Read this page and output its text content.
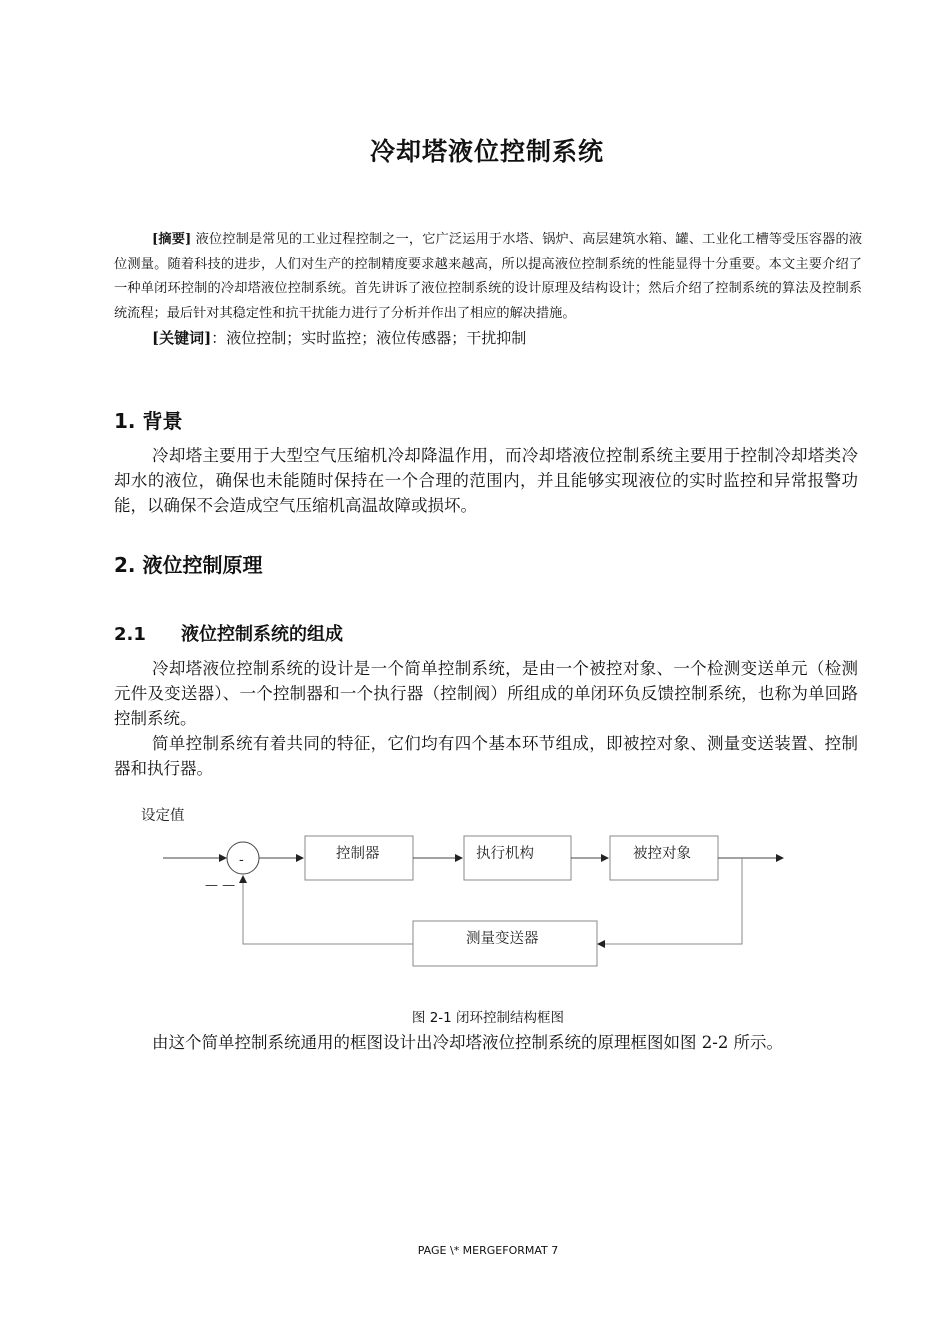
冷却塔液位控制系统

[摘要] 液位控制是常见的工业过程控制之一，它广泛运用于水塔、锅炉、高层建筑水箱、罐、工业化工槽等受压容器的液位测量。随着科技的进步，人们对生产的控制精度要求越来越高，所以提高液位控制系统的性能显得十分重要。本文主要介绍了一种单闭环控制的冷却塔液位控制系统。首先讲诉了液位控制系统的设计原理及结构设计；然后介绍了控制系统的算法及控制系统流程；最后针对其稳定性和抗干扰能力进行了分析并作出了相应的解决措施。

[关键词]：液位控制；实时监控；液位传感器；干扰抑制

1. 背景

冷却塔主要用于大型空气压缩机冷却降温作用，而冷却塔液位控制系统主要用于控制冷却塔类冷却水的液位，确保也未能随时保持在一个合理的范围内，并且能够实现液位的实时监控和异常报警功能，以确保不会造成空气压缩机高温故障或损坏。

2. 液位控制原理
2.1 液位控制系统的组成

冷却塔液位控制系统的设计是一个简单控制系统，是由一个被控对象、一个检测变送单元（检测元件及变送器）、一个控制器和一个执行器（控制阀）所组成的单闭环负反馈控制系统，也称为单回路控制系统。

简单控制系统有着共同的特征，它们均有四个基本环节组成，即被控对象、测量变送装置、控制器和执行器。

设定值
-
— —
控制器	执行机构	被控对象
测量变送器
图 2-1 闭环控制结构框图

由这个简单控制系统通用的框图设计出冷却塔液位控制系统的原理框图如图 2-2 所示。

PAGE \* MERGEFORMAT 7
